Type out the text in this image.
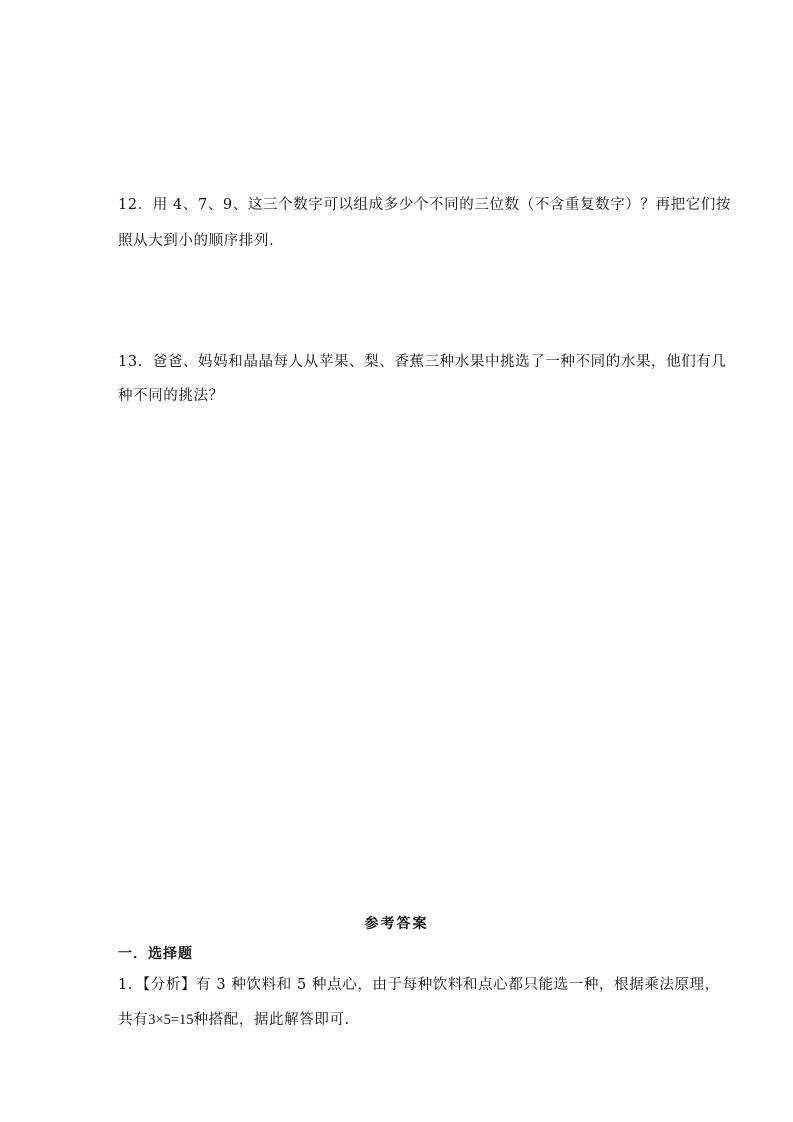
12．用 4、7、9、这三个数字可以组成多少个不同的三位数（不含重复数字）？再把它们按
照从大到小的顺序排列.
13．爸爸、妈妈和晶晶每人从苹果、梨、香蕉三种水果中挑选了一种不同的水果，他们有几
种不同的挑法？
参考答案
一．选择题
1．【分析】有 3 种饮料和 5 种点心，由于每种饮料和点心都只能选一种，根据乘法原理，
共有3×5=15种搭配，据此解答即可.
